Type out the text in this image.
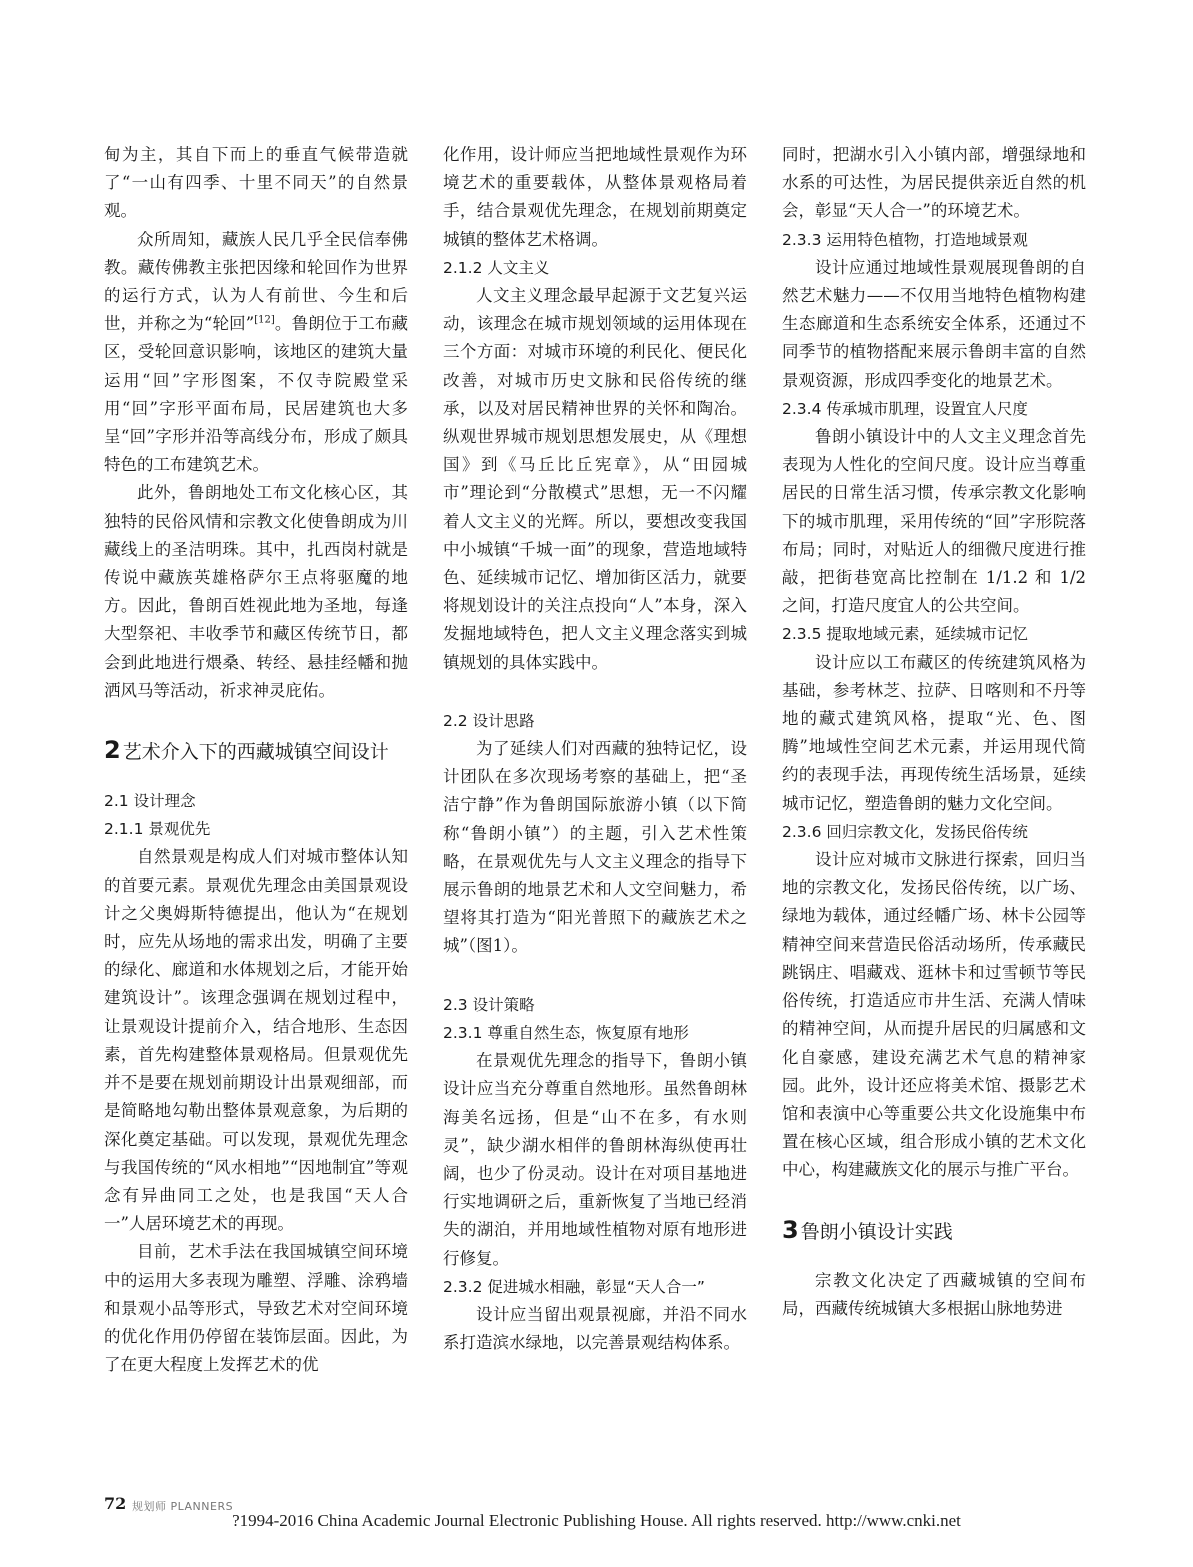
甸为主，其自下而上的垂直气候带造就了“一山有四季、十里不同天”的自然景观。

众所周知，藏族人民几乎全民信奉佛教。藏传佛教主张把因缘和轮回作为世界的运行方式，认为人有前世、今生和后世，并称之为“轮回”[12]。鲁朗位于工布藏区，受轮回意识影响，该地区的建筑大量运用“回”字形图案，不仅寺院殿堂采用“回”字形平面布局，民居建筑也大多呈“回”字形并沿等高线分布，形成了颇具特色的工布建筑艺术。

此外，鲁朗地处工布文化核心区，其独特的民俗风情和宗教文化使鲁朗成为川藏线上的圣洁明珠。其中，扎西岗村就是传说中藏族英雄格萨尔王点将驱魔的地方。因此，鲁朗百姓视此地为圣地，每逢大型祭祀、丰收季节和藏区传统节日，都会到此地进行煨桑、转经、悬挂经幡和抛洒风马等活动，祈求神灵庇佑。

2 艺术介入下的西藏城镇空间设计

2.1 设计理念

2.1.1 景观优先

自然景观是构成人们对城市整体认知的首要元素。景观优先理念由美国景观设计之父奥姆斯特德提出，他认为“在规划时，应先从场地的需求出发，明确了主要的绿化、廊道和水体规划之后，才能开始建筑设计”。该理念强调在规划过程中，让景观设计提前介入，结合地形、生态因素，首先构建整体景观格局。但景观优先并不是要在规划前期设计出景观细部，而是简略地勾勒出整体景观意象，为后期的深化奠定基础。可以发现，景观优先理念与我国传统的“风水相地”“因地制宜”等观念有异曲同工之处，也是我国“天人合一”人居环境艺术的再现。

目前，艺术手法在我国城镇空间环境中的运用大多表现为雕塑、浮雕、涂鸦墙和景观小品等形式，导致艺术对空间环境的优化作用仍停留在装饰层面。因此，为了在更大程度上发挥艺术的优

化作用，设计师应当把地域性景观作为环境艺术的重要载体，从整体景观格局着手，结合景观优先理念，在规划前期奠定城镇的整体艺术格调。

2.1.2 人文主义

人文主义理念最早起源于文艺复兴运动，该理念在城市规划领域的运用体现在三个方面：对城市环境的利民化、便民化改善，对城市历史文脉和民俗传统的继承，以及对居民精神世界的关怀和陶冶。纵观世界城市规划思想发展史，从《理想国》到《马丘比丘宪章》，从“田园城市”理论到“分散模式”思想，无一不闪耀着人文主义的光辉。所以，要想改变我国中小城镇“千城一面”的现象，营造地域特色、延续城市记忆、增加街区活力，就要将规划设计的关注点投向“人”本身，深入发掘地域特色，把人文主义理念落实到城镇规划的具体实践中。

2.2 设计思路

为了延续人们对西藏的独特记忆，设计团队在多次现场考察的基础上，把“圣洁宁静”作为鲁朗国际旅游小镇（以下简称“鲁朗小镇”）的主题，引入艺术性策略，在景观优先与人文主义理念的指导下展示鲁朗的地景艺术和人文空间魅力，希望将其打造为“阳光普照下的藏族艺术之城”（图1）。

2.3 设计策略

2.3.1 尊重自然生态，恢复原有地形

在景观优先理念的指导下，鲁朗小镇设计应当充分尊重自然地形。虽然鲁朗林海美名远扬，但是“山不在多，有水则灵”，缺少湖水相伴的鲁朗林海纵使再壮阔，也少了份灵动。设计在对项目基地进行实地调研之后，重新恢复了当地已经消失的湖泊，并用地域性植物对原有地形进行修复。

2.3.2 促进城水相融，彰显“天人合一”

设计应当留出观景视廊，并沿不同水系打造滨水绿地，以完善景观结构体系。

同时，把湖水引入小镇内部，增强绿地和水系的可达性，为居民提供亲近自然的机会，彰显“天人合一”的环境艺术。

2.3.3 运用特色植物，打造地域景观

设计应通过地域性景观展现鲁朗的自然艺术魅力——不仅用当地特色植物构建生态廊道和生态系统安全体系，还通过不同季节的植物搭配来展示鲁朗丰富的自然景观资源，形成四季变化的地景艺术。

2.3.4 传承城市肌理，设置宜人尺度

鲁朗小镇设计中的人文主义理念首先表现为人性化的空间尺度。设计应当尊重居民的日常生活习惯，传承宗教文化影响下的城市肌理，采用传统的“回”字形院落布局；同时，对贴近人的细微尺度进行推敲，把街巷宽高比控制在 1/1.2 和 1/2 之间，打造尺度宜人的公共空间。

2.3.5 提取地域元素，延续城市记忆

设计应以工布藏区的传统建筑风格为基础，参考林芝、拉萨、日喀则和不丹等地的藏式建筑风格，提取“光、色、图腾”地域性空间艺术元素，并运用现代简约的表现手法，再现传统生活场景，延续城市记忆，塑造鲁朗的魅力文化空间。

2.3.6 回归宗教文化，发扬民俗传统

设计应对城市文脉进行探索，回归当地的宗教文化，发扬民俗传统，以广场、绿地为载体，通过经幡广场、林卡公园等精神空间来营造民俗活动场所，传承藏民跳锅庄、唱藏戏、逛林卡和过雪顿节等民俗传统，打造适应市井生活、充满人情味的精神空间，从而提升居民的归属感和文化自豪感，建设充满艺术气息的精神家园。此外，设计还应将美术馆、摄影艺术馆和表演中心等重要公共文化设施集中布置在核心区域，组合形成小镇的艺术文化中心，构建藏族文化的展示与推广平台。

3 鲁朗小镇设计实践

宗教文化决定了西藏城镇的空间布局，西藏传统城镇大多根据山脉地势进

72 规划师 PLANNERS
?1994-2016 China Academic Journal Electronic Publishing House. All rights reserved. http://www.cnki.net
